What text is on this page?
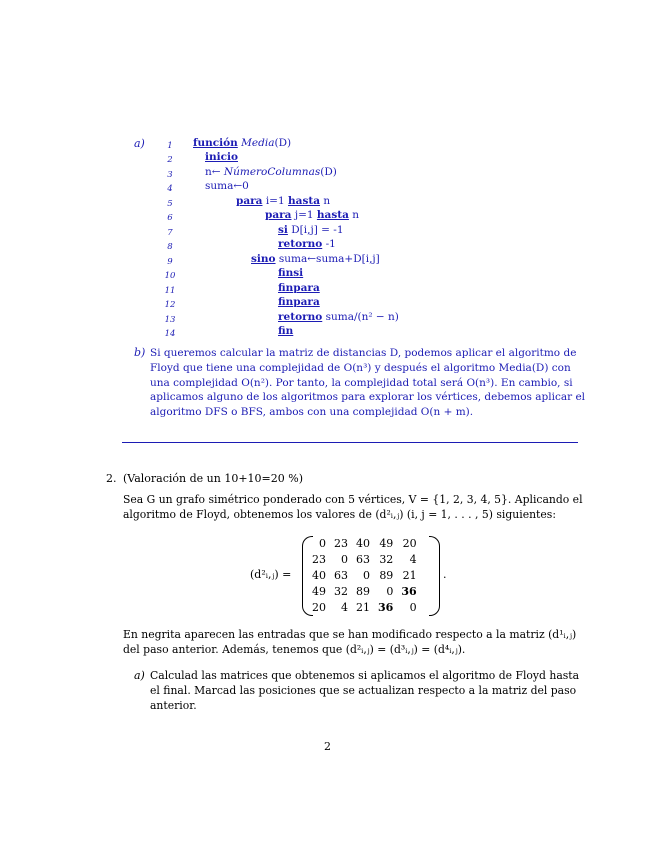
a)	1
2
3
4
5
6
7
8
9
10
11
12
13
14
función Media(D)
inicio
n← NúmeroColumnas(D)
suma←0
para i=1 hasta n
para j=1 hasta n
si D[i,j] = -1
retorno -1
sino suma←suma+D[i,j]
finsi
finpara
finpara
retorno suma/(n² − n)
fin
b) Si queremos calcular la matriz de distancias D, podemos aplicar el algoritmo de
Floyd que tiene una complejidad de O(n³) y después el algoritmo Media(D) con
una complejidad O(n²). Por tanto, la complejidad total será O(n³). En cambio, si
aplicamos alguno de los algoritmos para explorar los vértices, debemos aplicar el
algoritmo DFS o BFS, ambos con una complejidad O(n + m).
2. (Valoración de un 10+10=20 %)
Sea G un grafo simétrico ponderado con 5 vértices, V = {1, 2, 3, 4, 5}. Aplicando el
algoritmo de Floyd, obtenemos los valores de (d²ᵢ,ⱼ) (i, j = 1, . . . , 5) siguientes:
(d²ᵢ,ⱼ) =	.
0	23	40	49	20
23	0	63	32	4
40	63	0	89	21
49	32	89	0	36
20	4	21	36	0
En negrita aparecen las entradas que se han modificado respecto a la matriz (d¹ᵢ,ⱼ)
del paso anterior. Además, tenemos que (d²ᵢ,ⱼ) = (d³ᵢ,ⱼ) = (d⁴ᵢ,ⱼ).
a) Calculad las matrices que obtenemos si aplicamos el algoritmo de Floyd hasta
el final. Marcad las posiciones que se actualizan respecto a la matriz del paso
anterior.
2
